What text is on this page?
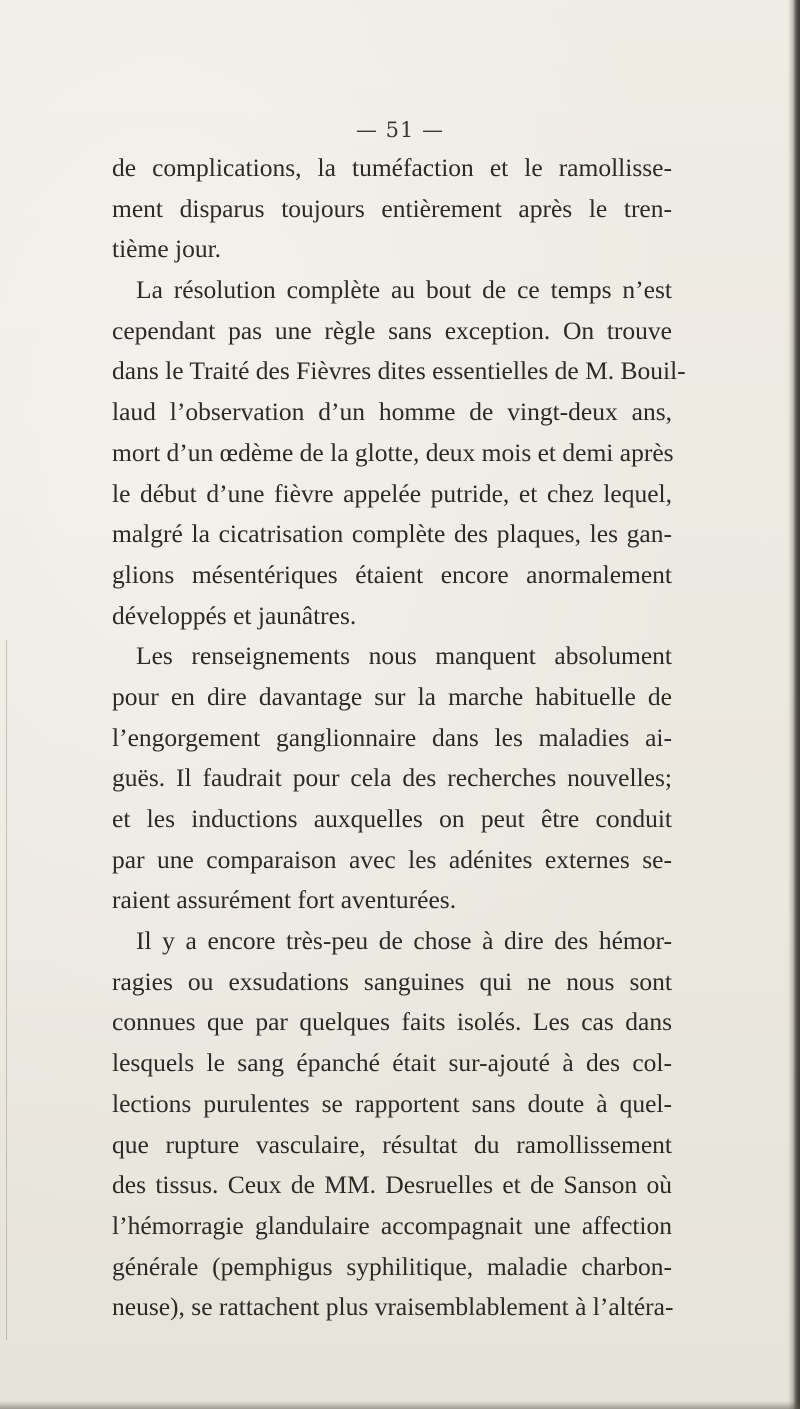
— 51 —
de complications, la tuméfaction et le ramollisse-
ment disparus toujours entièrement après le tren-
tième jour.
La résolution complète au bout de ce temps n’est
cependant pas une règle sans exception. On trouve
dans le Traité des Fièvres dites essentielles de M. Bouil-
laud l’observation d’un homme de vingt-deux ans,
mort d’un œdème de la glotte, deux mois et demi après
le début d’une fièvre appelée putride, et chez lequel,
malgré la cicatrisation complète des plaques, les gan-
glions mésentériques étaient encore anormalement
développés et jaunâtres.
Les renseignements nous manquent absolument
pour en dire davantage sur la marche habituelle de
l’engorgement ganglionnaire dans les maladies ai-
guës. Il faudrait pour cela des recherches nouvelles;
et les inductions auxquelles on peut être conduit
par une comparaison avec les adénites externes se-
raient assurément fort aventurées.
Il y a encore très-peu de chose à dire des hémor-
ragies ou exsudations sanguines qui ne nous sont
connues que par quelques faits isolés. Les cas dans
lesquels le sang épanché était sur-ajouté à des col-
lections purulentes se rapportent sans doute à quel-
que rupture vasculaire, résultat du ramollissement
des tissus. Ceux de MM. Desruelles et de Sanson où
l’hémorragie glandulaire accompagnait une affection
générale (pemphigus syphilitique, maladie charbon-
neuse), se rattachent plus vraisemblablement à l’altéra-
